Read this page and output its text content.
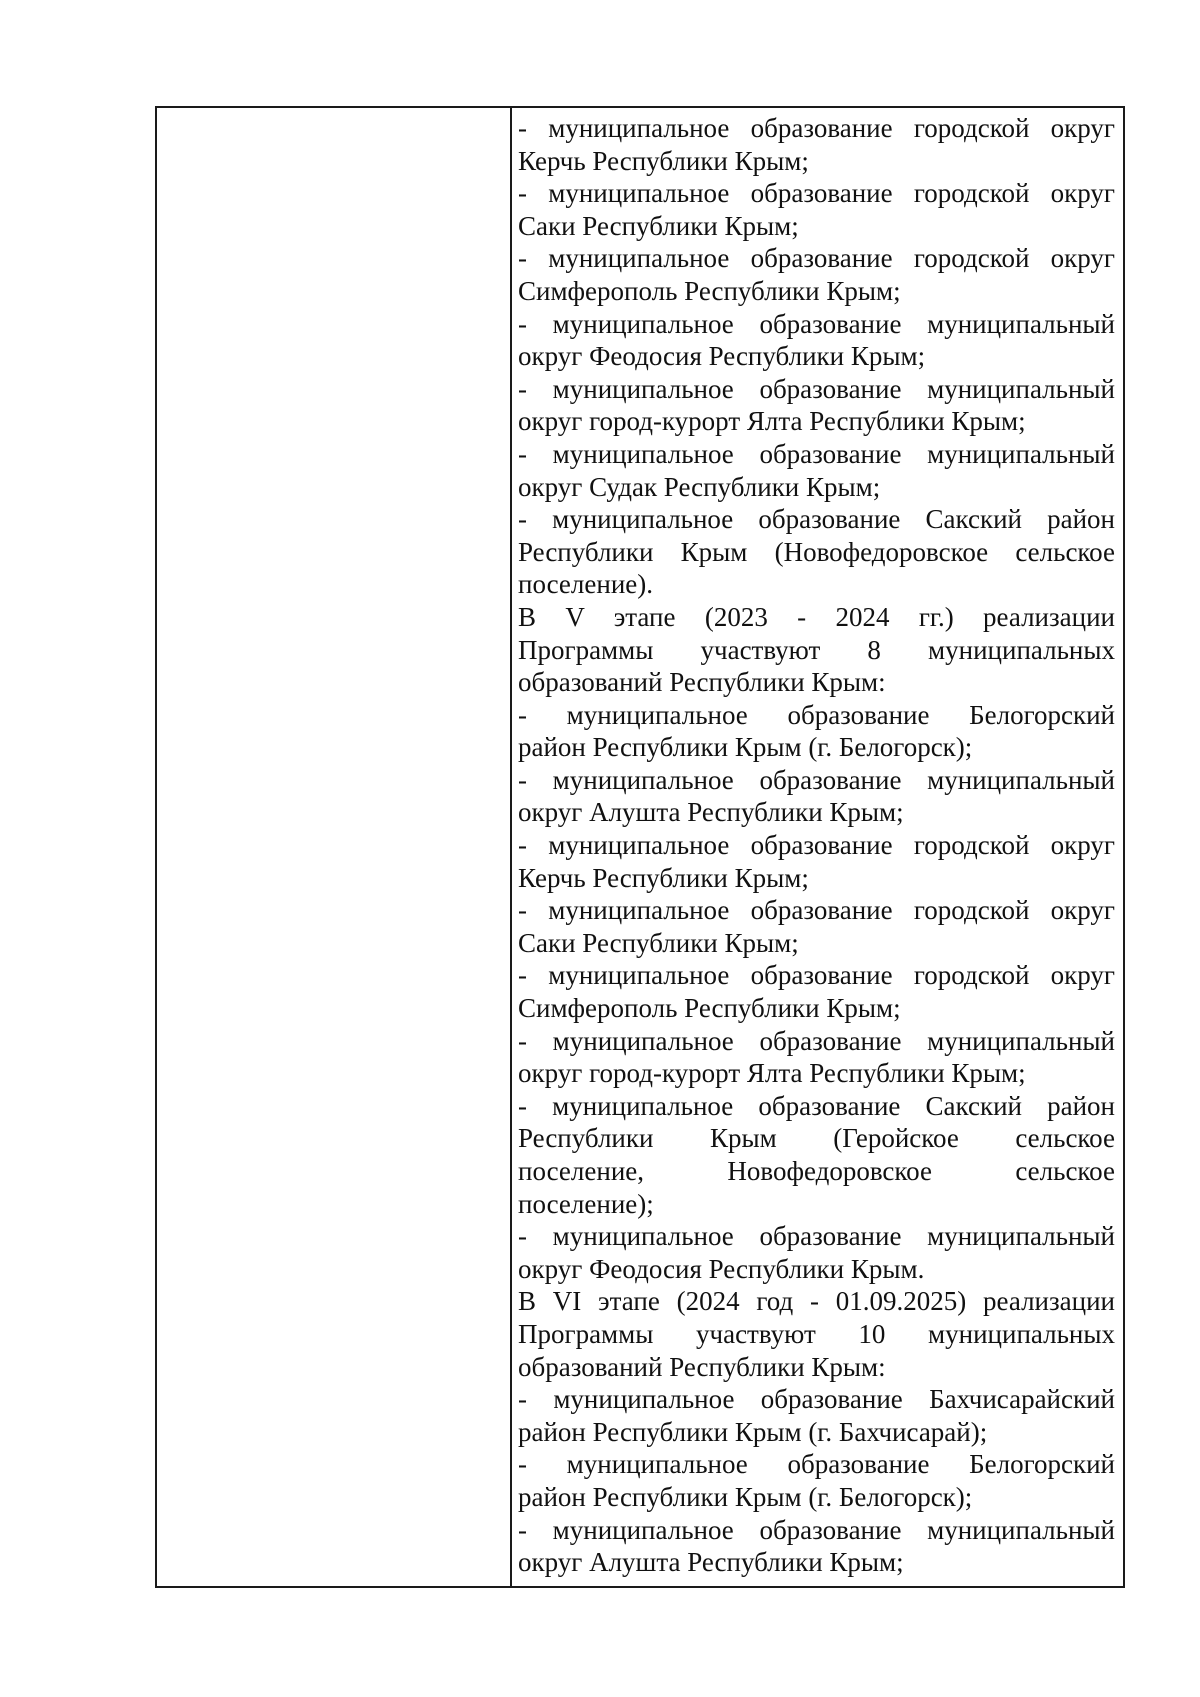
- муниципальное образование городской округ
Керчь Республики Крым;
- муниципальное образование городской округ
Саки Республики Крым;
- муниципальное образование городской округ
Симферополь Республики Крым;
- муниципальное образование муниципальный
округ Феодосия Республики Крым;
- муниципальное образование муниципальный
округ город-курорт Ялта Республики Крым;
- муниципальное образование муниципальный
округ Судак Республики Крым;
- муниципальное образование Сакский район
Республики Крым (Новофедоровское сельское
поселение).
В V этапе (2023 - 2024 гг.) реализации
Программы участвуют 8 муниципальных
образований Республики Крым:
- муниципальное образование Белогорский
район Республики Крым (г. Белогорск);
- муниципальное образование муниципальный
округ Алушта Республики Крым;
- муниципальное образование городской округ
Керчь Республики Крым;
- муниципальное образование городской округ
Саки Республики Крым;
- муниципальное образование городской округ
Симферополь Республики Крым;
- муниципальное образование муниципальный
округ город-курорт Ялта Республики Крым;
- муниципальное образование Сакский район
Республики Крым (Геройское сельское
поселение, Новофедоровское сельское
поселение);
- муниципальное образование муниципальный
округ Феодосия Республики Крым.
В VI этапе (2024 год - 01.09.2025) реализации
Программы участвуют 10 муниципальных
образований Республики Крым:
- муниципальное образование Бахчисарайский
район Республики Крым (г. Бахчисарай);
- муниципальное образование Белогорский
район Республики Крым (г. Белогорск);
- муниципальное образование муниципальный
округ Алушта Республики Крым;
